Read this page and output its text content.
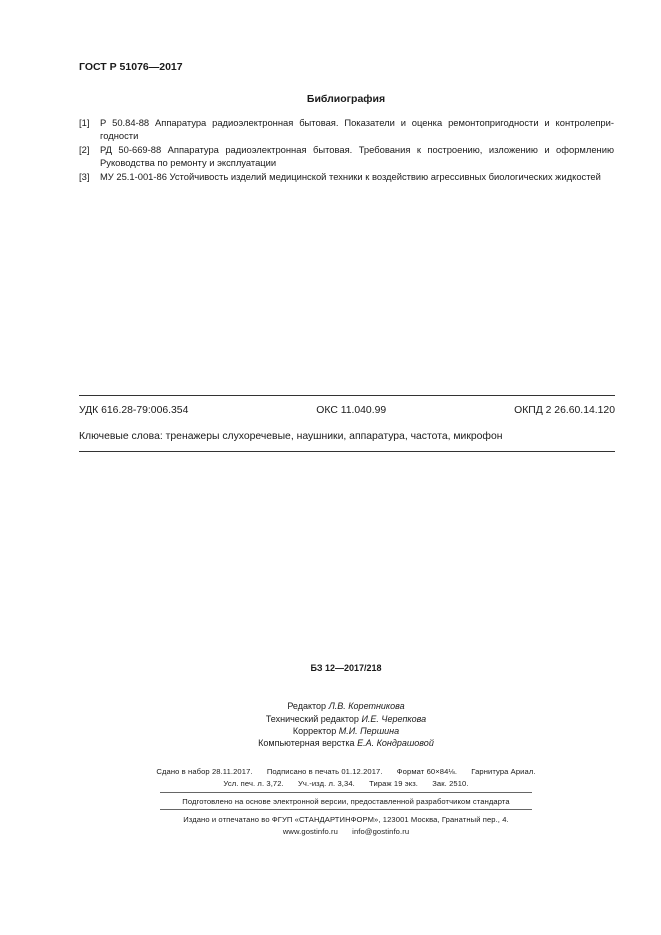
ГОСТ Р 51076—2017
Библиография
[1]	Р 50.84-88 Аппаратура радиоэлектронная бытовая. Показатели и оценка ремонтопригодности и контролепригодности
[2]	РД 50-669-88 Аппаратура радиоэлектронная бытовая. Требования к построению, изложению и оформлению Руководства по ремонту и эксплуатации
[3]	МУ 25.1-001-86 Устойчивость изделий медицинской техники к воздействию агрессивных биологических жидкостей
УДК 616.28-79:006.354	ОКС 11.040.99	ОКПД 2 26.60.14.120
Ключевые слова: тренажеры слухоречевые, наушники, аппаратура, частота, микрофон
БЗ 12—2017/218
Редактор Л.В. Коретникова
Технический редактор И.Е. Черепкова
Корректор М.И. Першина
Компьютерная верстка Е.А. Кондрашовой
Сдано в набор 28.11.2017. Подписано в печать 01.12.2017. Формат 60×84⅛. Гарнитура Ариал.
Усл. печ. л. 3,72. Уч.-изд. л. 3,34. Тираж 19 экз. Зак. 2510.
Подготовлено на основе электронной версии, предоставленной разработчиком стандарта
Издано и отпечатано во ФГУП «СТАНДАРТИНФОРМ», 123001 Москва, Гранатный пер., 4.
www.gostinfo.ru info@gostinfo.ru
